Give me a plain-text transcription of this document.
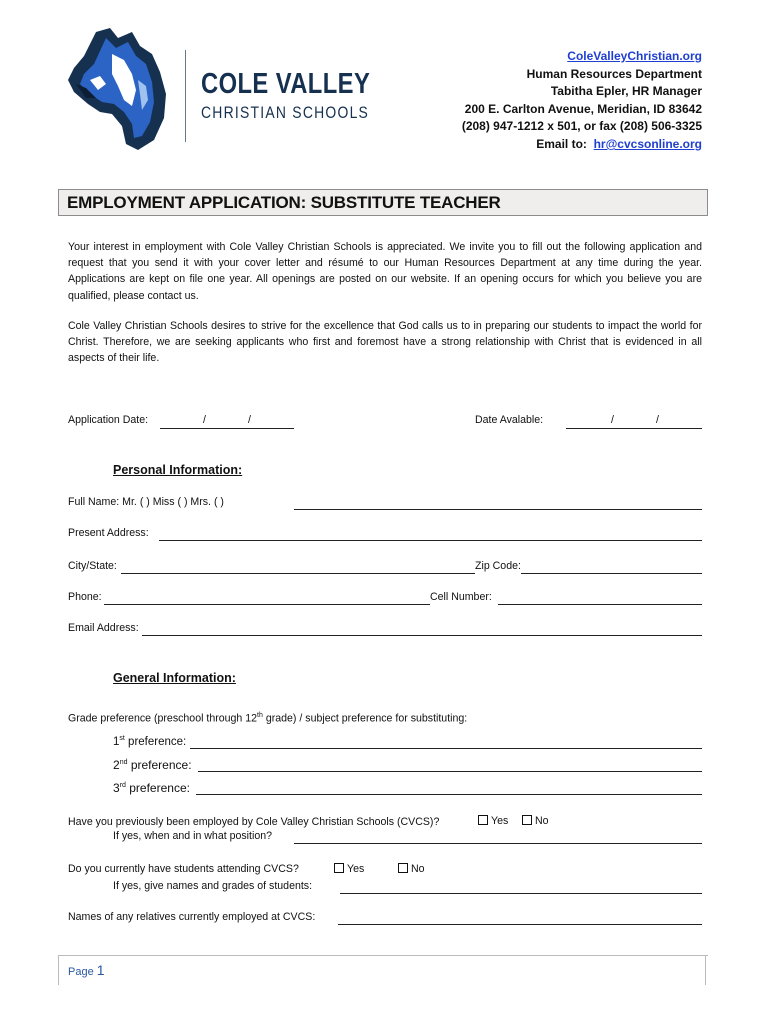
COLE VALLEY
CHRISTIAN SCHOOLS
ColeValleyChristian.org
Human Resources Department
Tabitha Epler, HR Manager
200 E. Carlton Avenue, Meridian, ID 83642
(208) 947-1212 x 501, or fax (208) 506-3325
Email to: hr@cvcsonline.org
EMPLOYMENT APPLICATION: SUBSTITUTE TEACHER
Your interest in employment with Cole Valley Christian Schools is appreciated. We invite you to fill out the following application and request that you send it with your cover letter and résumé to our Human Resources Department at any time during the year. Applications are kept on file one year. All openings are posted on our website. If an opening occurs for which you believe you are qualified, please contact us.
Cole Valley Christian Schools desires to strive for the excellence that God calls us to in preparing our students to impact the world for Christ. Therefore, we are seeking applicants who first and foremost have a strong relationship with Christ that is evidenced in all aspects of their life.
Application Date:	/	/	Date Avalable:	/	/
Personal Information:
Full Name: Mr. ( ) Miss ( ) Mrs. ( )
Present Address:
City/State:	Zip Code:
Phone:	Cell Number:
Email Address:
General Information:
Grade preference (preschool through 12th grade) / subject preference for substituting:
1st preference:
2nd preference:
3rd preference:
Have you previously been employed by Cole Valley Christian Schools (CVCS)?	Yes	No
If yes, when and in what position?
Do you currently have students attending CVCS?	Yes	No
If yes, give names and grades of students:
Names of any relatives currently employed at CVCS:
Page 1
